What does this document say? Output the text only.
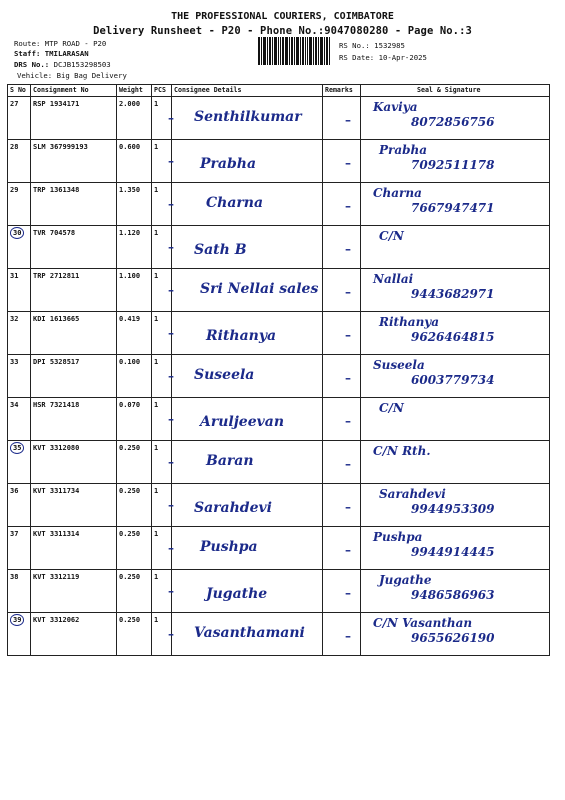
THE PROFESSIONAL COURIERS, COIMBATORE
Delivery Runsheet - P20 - Phone No.:9047080280 - Page No.:3
Route: MTP ROAD - P20
Staff: TMILARASAN
DRS No.: DCJB153298503
Vehicle: Big Bag Delivery
RS No.: 1532985
RS Date: 10-Apr-2025
S No	Consignment No	Weight	PCS	Consignee Details	Remarks	Seal & Signature
27	RSP 1934171	2.000	1	– Senthilkumar	–	Kaviya
8072856756

28	SLM 367999193	0.600	1	– Prabha	–	Prabha
7092511178

29	TRP 1361348	1.350	1	– Charna	–	Charna
7667947471

30	TVR 704578	1.120	1	– Sath B	–	C/N

31	TRP 2712811	1.100	1	– Sri Nellai sales	–	Nallai
9443682971

32	KDI 1613665	0.419	1	– Rithanya	–	Rithanya
9626464815

33	DPI 5328517	0.100	1	– Suseela	–	Suseela
6003779734

34	HSR 7321418	0.070	1	– Aruljeevan	–	C/N

35	KVT 3312080	0.250	1	– Baran	–	C/N Rth.

36	KVT 3311734	0.250	1	– Sarahdevi	–	Sarahdevi
9944953309

37	KVT 3311314	0.250	1	– Pushpa	–	Pushpa
9944914445

38	KVT 3312119	0.250	1	– Jugathe	–	Jugathe
9486586963

39	KVT 3312062	0.250	1	– Vasanthamani	–	C/N Vasanthan
9655626190
